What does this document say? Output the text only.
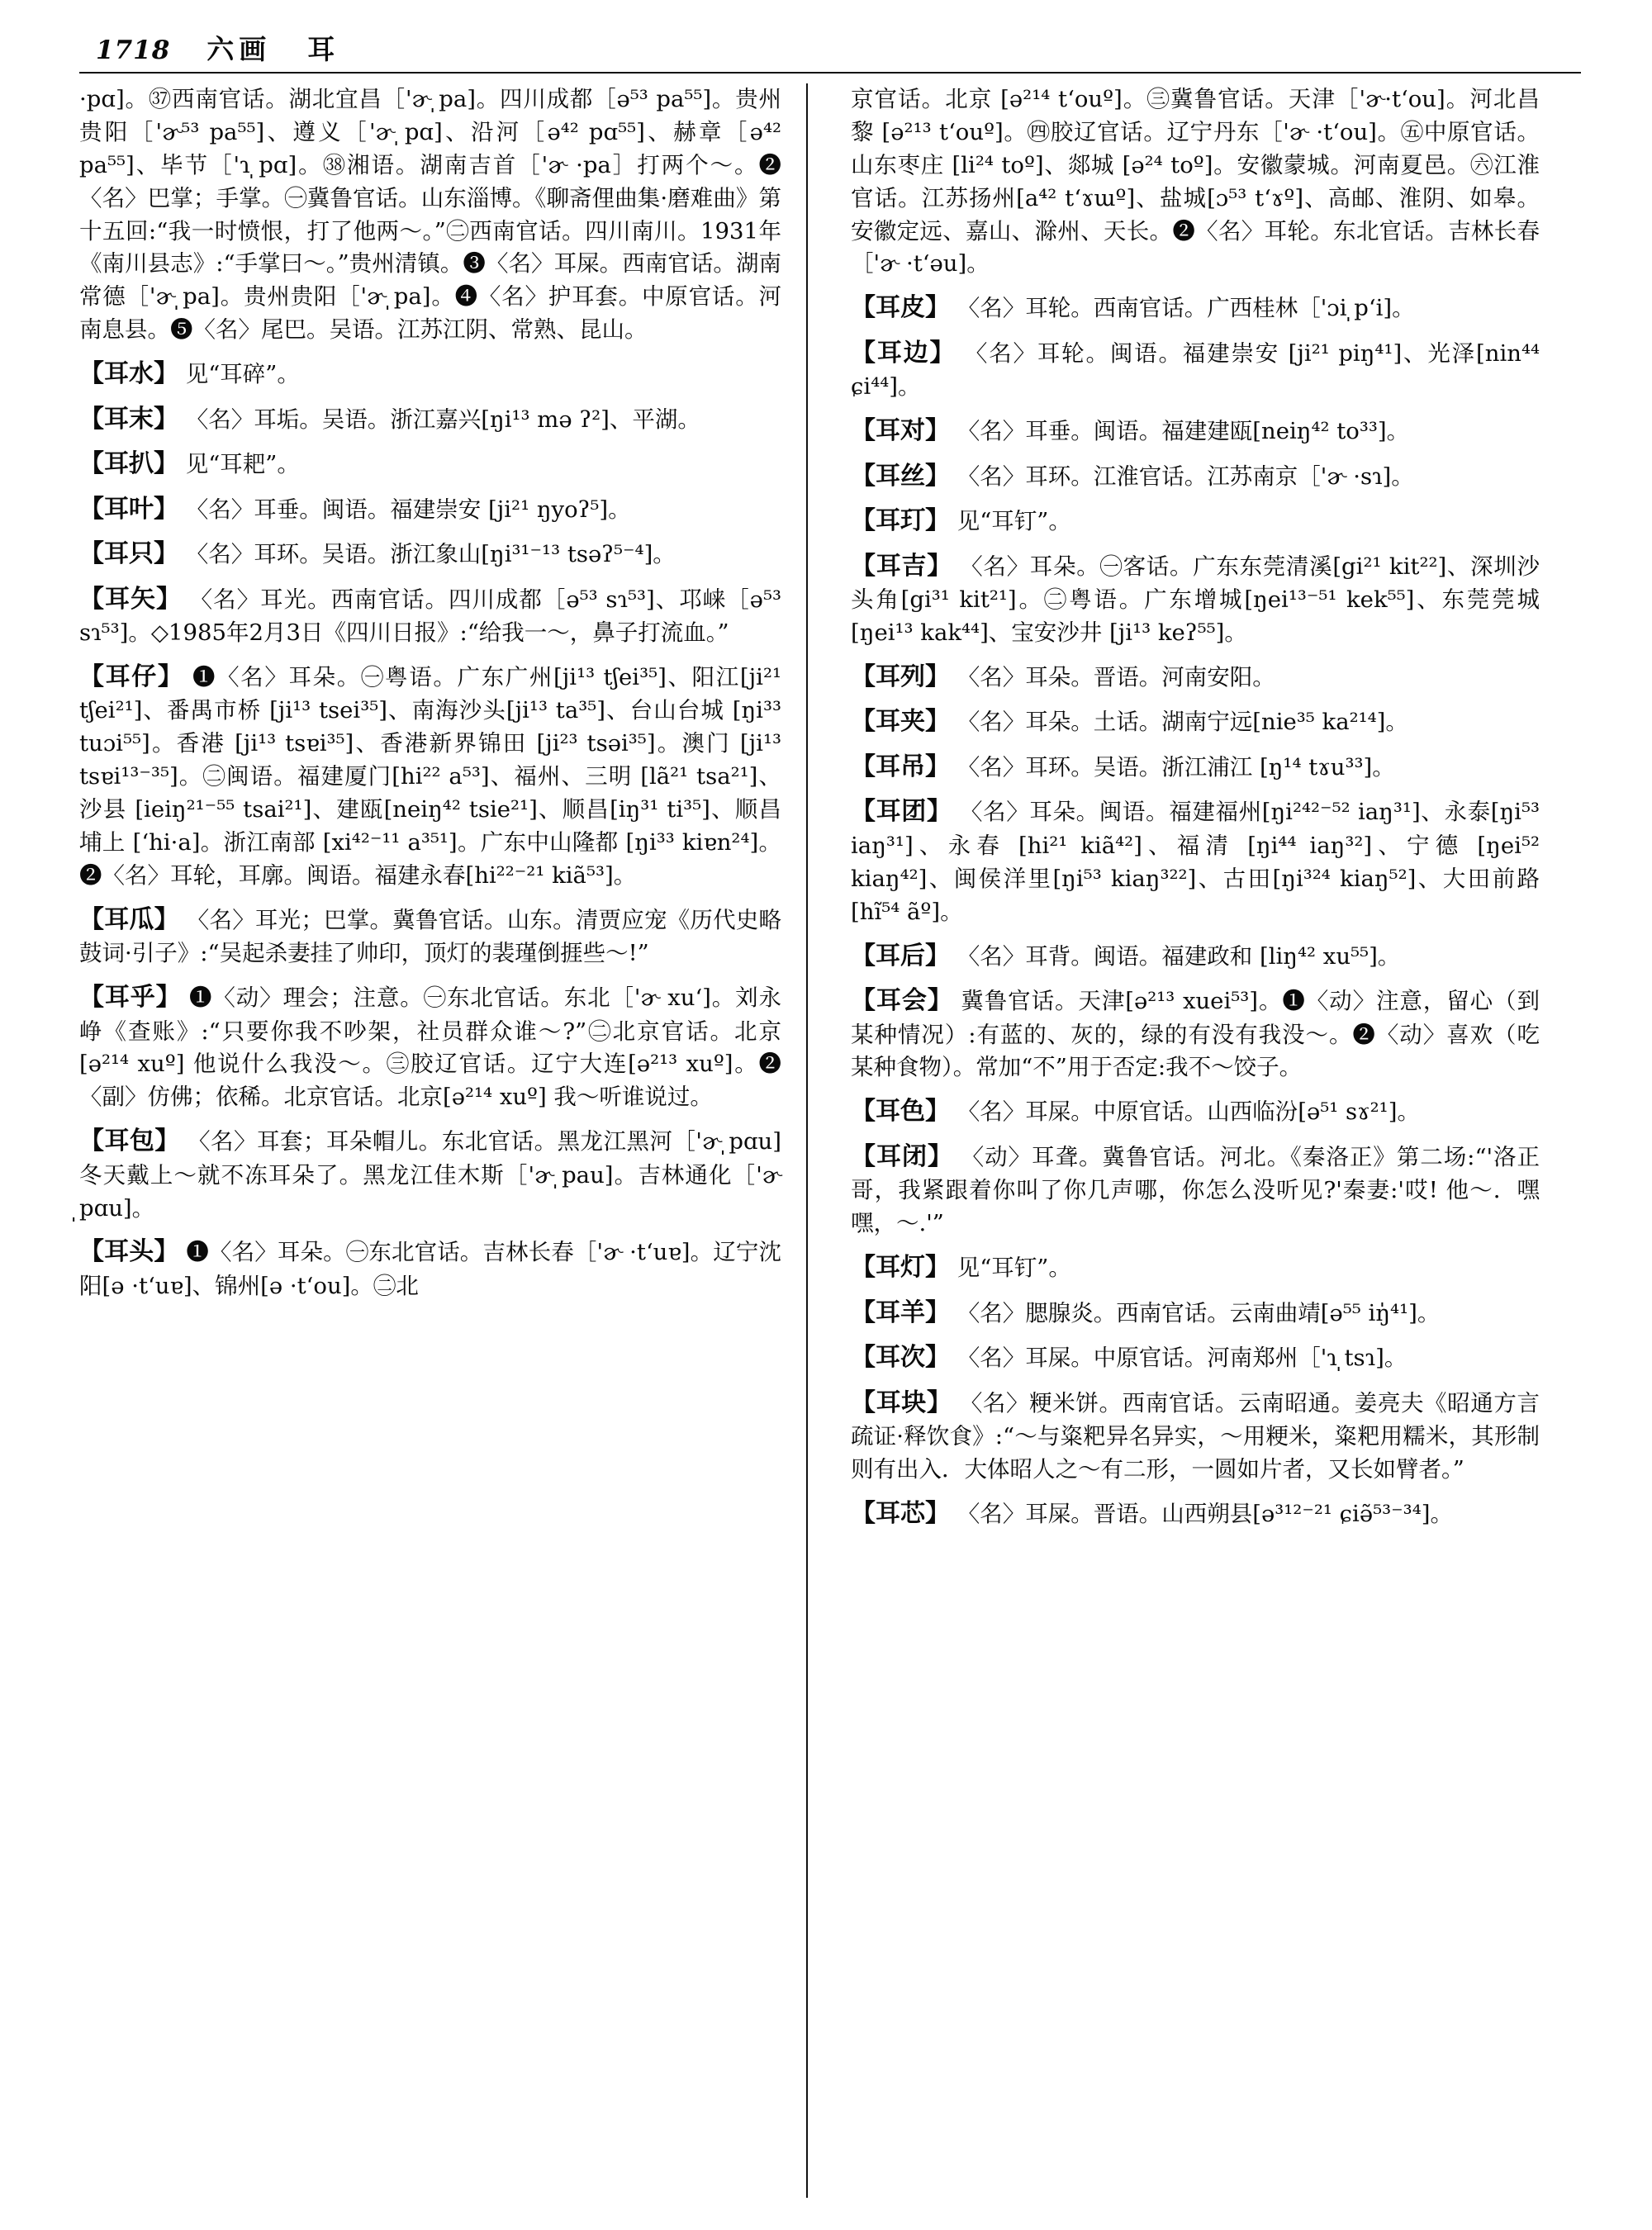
1718 六画 耳
·pɑ]。㊲西南官话。湖北宜昌［'ɚ ̩pa]。四川成都［ə⁵³ pa⁵⁵]。贵州贵阳［'ɚ⁵³ pa⁵⁵]、遵义［'ɚ ̩pɑ]、沿河［ə⁴² pɑ⁵⁵]、赫章［ə⁴² pa⁵⁵]、毕节［'ɿ ̩pɑ]。㊳湘语。湖南吉首［'ɚ ·pa］打两个～。❷〈名〉巴掌；手掌。㊀冀鲁官话。山东淄博。《聊斋俚曲集·磨难曲》第十五回:“我一时愤恨，打了他两～。”㊁西南官话。四川南川。1931年《南川县志》:“手掌曰～。”贵州清镇。❸〈名〉耳屎。西南官话。湖南常德［'ɚ ̩pa]。贵州贵阳［'ɚ ̩pa]。❹〈名〉护耳套。中原官话。河南息县。❺〈名〉尾巴。吴语。江苏江阴、常熟、昆山。
【耳水】 见“耳碎”。
【耳末】 〈名〉耳垢。吴语。浙江嘉兴[ŋi¹³ mə ʔ²]、平湖。
【耳扒】 见“耳耙”。
【耳叶】 〈名〉耳垂。闽语。福建崇安 [ji²¹ ŋyoʔ⁵]。
【耳只】 〈名〉耳环。吴语。浙江象山[ŋi³¹⁻¹³ tsəʔ⁵⁻⁴]。
【耳矢】 〈名〉耳光。西南官话。四川成都［ə⁵³ sɿ⁵³]、邛崃［ə⁵³ sɿ⁵³]。◇1985年2月3日《四川日报》:“给我一～，鼻子打流血。”
【耳仔】 ❶〈名〉耳朵。㊀粤语。广东广州[ji¹³ tʃei³⁵]、阳江[ji²¹ tʃei²¹]、番禺市桥 [ji¹³ tsei³⁵]、南海沙头[ji¹³ ta³⁵]、台山台城 [ŋi³³ tuɔi⁵⁵]。香港 [ji¹³ tsɐi³⁵]、香港新界锦田 [ji²³ tsəi³⁵]。澳门 [ji¹³ tsɐi¹³⁻³⁵]。㊁闽语。福建厦门[hi²² a⁵³]、福州、三明 [lã²¹ tsa²¹]、沙县 [ieiŋ²¹⁻⁵⁵ tsai²¹]、建瓯[neiŋ⁴² tsie²¹]、顺昌[iŋ³¹ ti³⁵]、顺昌埔上 [ʻhi·a]。浙江南部 [xi⁴²⁻¹¹ a³⁵¹]。广东中山隆都 [ŋi³³ kiɐn²⁴]。❷〈名〉耳轮，耳廓。闽语。福建永春[hi²²⁻²¹ kiã⁵³]。
【耳瓜】 〈名〉耳光；巴掌。冀鲁官话。山东。清贾应宠《历代史略鼓词·引子》:“吴起杀妻挂了帅印，顶灯的裴瑾倒捱些～!”
【耳乎】 ❶〈动〉理会；注意。㊀东北官话。东北［'ɚ xuʻ]。刘永峥《查账》:“只要你我不吵架，社员群众谁～?”㊁北京官话。北京 [ə²¹⁴ xuº] 他说什么我没～。㊂胶辽官话。辽宁大连[ə²¹³ xuº]。❷〈副〉仿佛；依稀。北京官话。北京[ə²¹⁴ xuº] 我～听谁说过。
【耳包】 〈名〉耳套；耳朵帽儿。东北官话。黑龙江黑河［'ɚ ̩pɑu] 冬天戴上～就不冻耳朵了。黑龙江佳木斯［'ɚ ̩pau]。吉林通化［'ɚ ̩pɑu]。
【耳头】 ❶〈名〉耳朵。㊀东北官话。吉林长春［'ɚ ·tʻuɐ]。辽宁沈阳[ə ·tʻuɐ]、锦州[ə ·tʻou]。㊁北
京官话。北京 [ə²¹⁴ tʻouº]。㊂冀鲁官话。天津［'ɚ·tʻou]。河北昌黎 [ə²¹³ tʻouº]。㊃胶辽官话。辽宁丹东［'ɚ ·tʻou]。㊄中原官话。山东枣庄 [li²⁴ toº]、郯城 [ə²⁴ toº]。安徽蒙城。河南夏邑。㊅江淮官话。江苏扬州[a⁴² tʻɤɯº]、盐城[ɔ⁵³ tʻɤº]、高邮、淮阴、如皋。安徽定远、嘉山、滁州、天长。❷〈名〉耳轮。东北官话。吉林长春［'ɚ ·tʻəu]。
【耳皮】 〈名〉耳轮。西南官话。广西桂林［'ɔi ̩pʻi]。
【耳边】 〈名〉耳轮。闽语。福建崇安 [ji²¹ piŋ⁴¹]、光泽[nin⁴⁴ ɕi⁴⁴]。
【耳对】 〈名〉耳垂。闽语。福建建瓯[neiŋ⁴² to³³]。
【耳丝】 〈名〉耳环。江淮官话。江苏南京［'ɚ ·sɿ]。
【耳玎】 见“耳钉”。
【耳吉】 〈名〉耳朵。㊀客话。广东东莞清溪[gi²¹ kit²²]、深圳沙头角[gi³¹ kit²¹]。㊁粤语。广东增城[ŋei¹³⁻⁵¹ kek⁵⁵]、东莞莞城[ŋei¹³ kak⁴⁴]、宝安沙井 [ji¹³ keʔ⁵⁵]。
【耳列】 〈名〉耳朵。晋语。河南安阳。
【耳夹】 〈名〉耳朵。土话。湖南宁远[nie³⁵ ka²¹⁴]。
【耳吊】 〈名〉耳环。吴语。浙江浦江 [ŋ¹⁴ tɤu³³]。
【耳团】 〈名〉耳朵。闽语。福建福州[ŋi²⁴²⁻⁵² iaŋ³¹]、永泰[ŋi⁵³ iaŋ³¹]、永春 [hi²¹ kiã⁴²]、福清 [ŋi⁴⁴ iaŋ³²]、宁德 [ŋei⁵² kiaŋ⁴²]、闽侯洋里[ŋi⁵³ kiaŋ³²²]、古田[ŋi³²⁴ kiaŋ⁵²]、大田前路 [hĩ⁵⁴ ãº]。
【耳后】 〈名〉耳背。闽语。福建政和 [liŋ⁴² xu⁵⁵]。
【耳会】 冀鲁官话。天津[ə²¹³ xuei⁵³]。❶〈动〉注意，留心（到某种情况）:有蓝的、灰的，绿的有没有我没～。❷〈动〉喜欢（吃某种食物）。常加“不”用于否定:我不～饺子。
【耳色】 〈名〉耳屎。中原官话。山西临汾[ə⁵¹ sɤ²¹]。
【耳闭】 〈动〉耳聋。冀鲁官话。河北。《秦洛正》第二场:“'洛正哥，我紧跟着你叫了你几声哪，你怎么没听见?'秦妻:'哎! 他～．嘿嘿，～.'”
【耳灯】 见“耳钉”。
【耳羊】 〈名〉腮腺炎。西南官话。云南曲靖[ə⁵⁵ iŋ̍⁴¹]。
【耳次】 〈名〉耳屎。中原官话。河南郑州［'ɿ ̩tsɿ]。
【耳块】 〈名〉粳米饼。西南官话。云南昭通。姜亮夫《昭通方言疏证·释饮食》:“～与粢粑异名异实，～用粳米，粢粑用糯米，其形制则有出入．大体昭人之～有二形，一圆如片者，又长如臂者。”
【耳芯】 〈名〉耳屎。晋语。山西朔县[ə³¹²⁻²¹ ɕiə̃⁵³⁻³⁴]。
